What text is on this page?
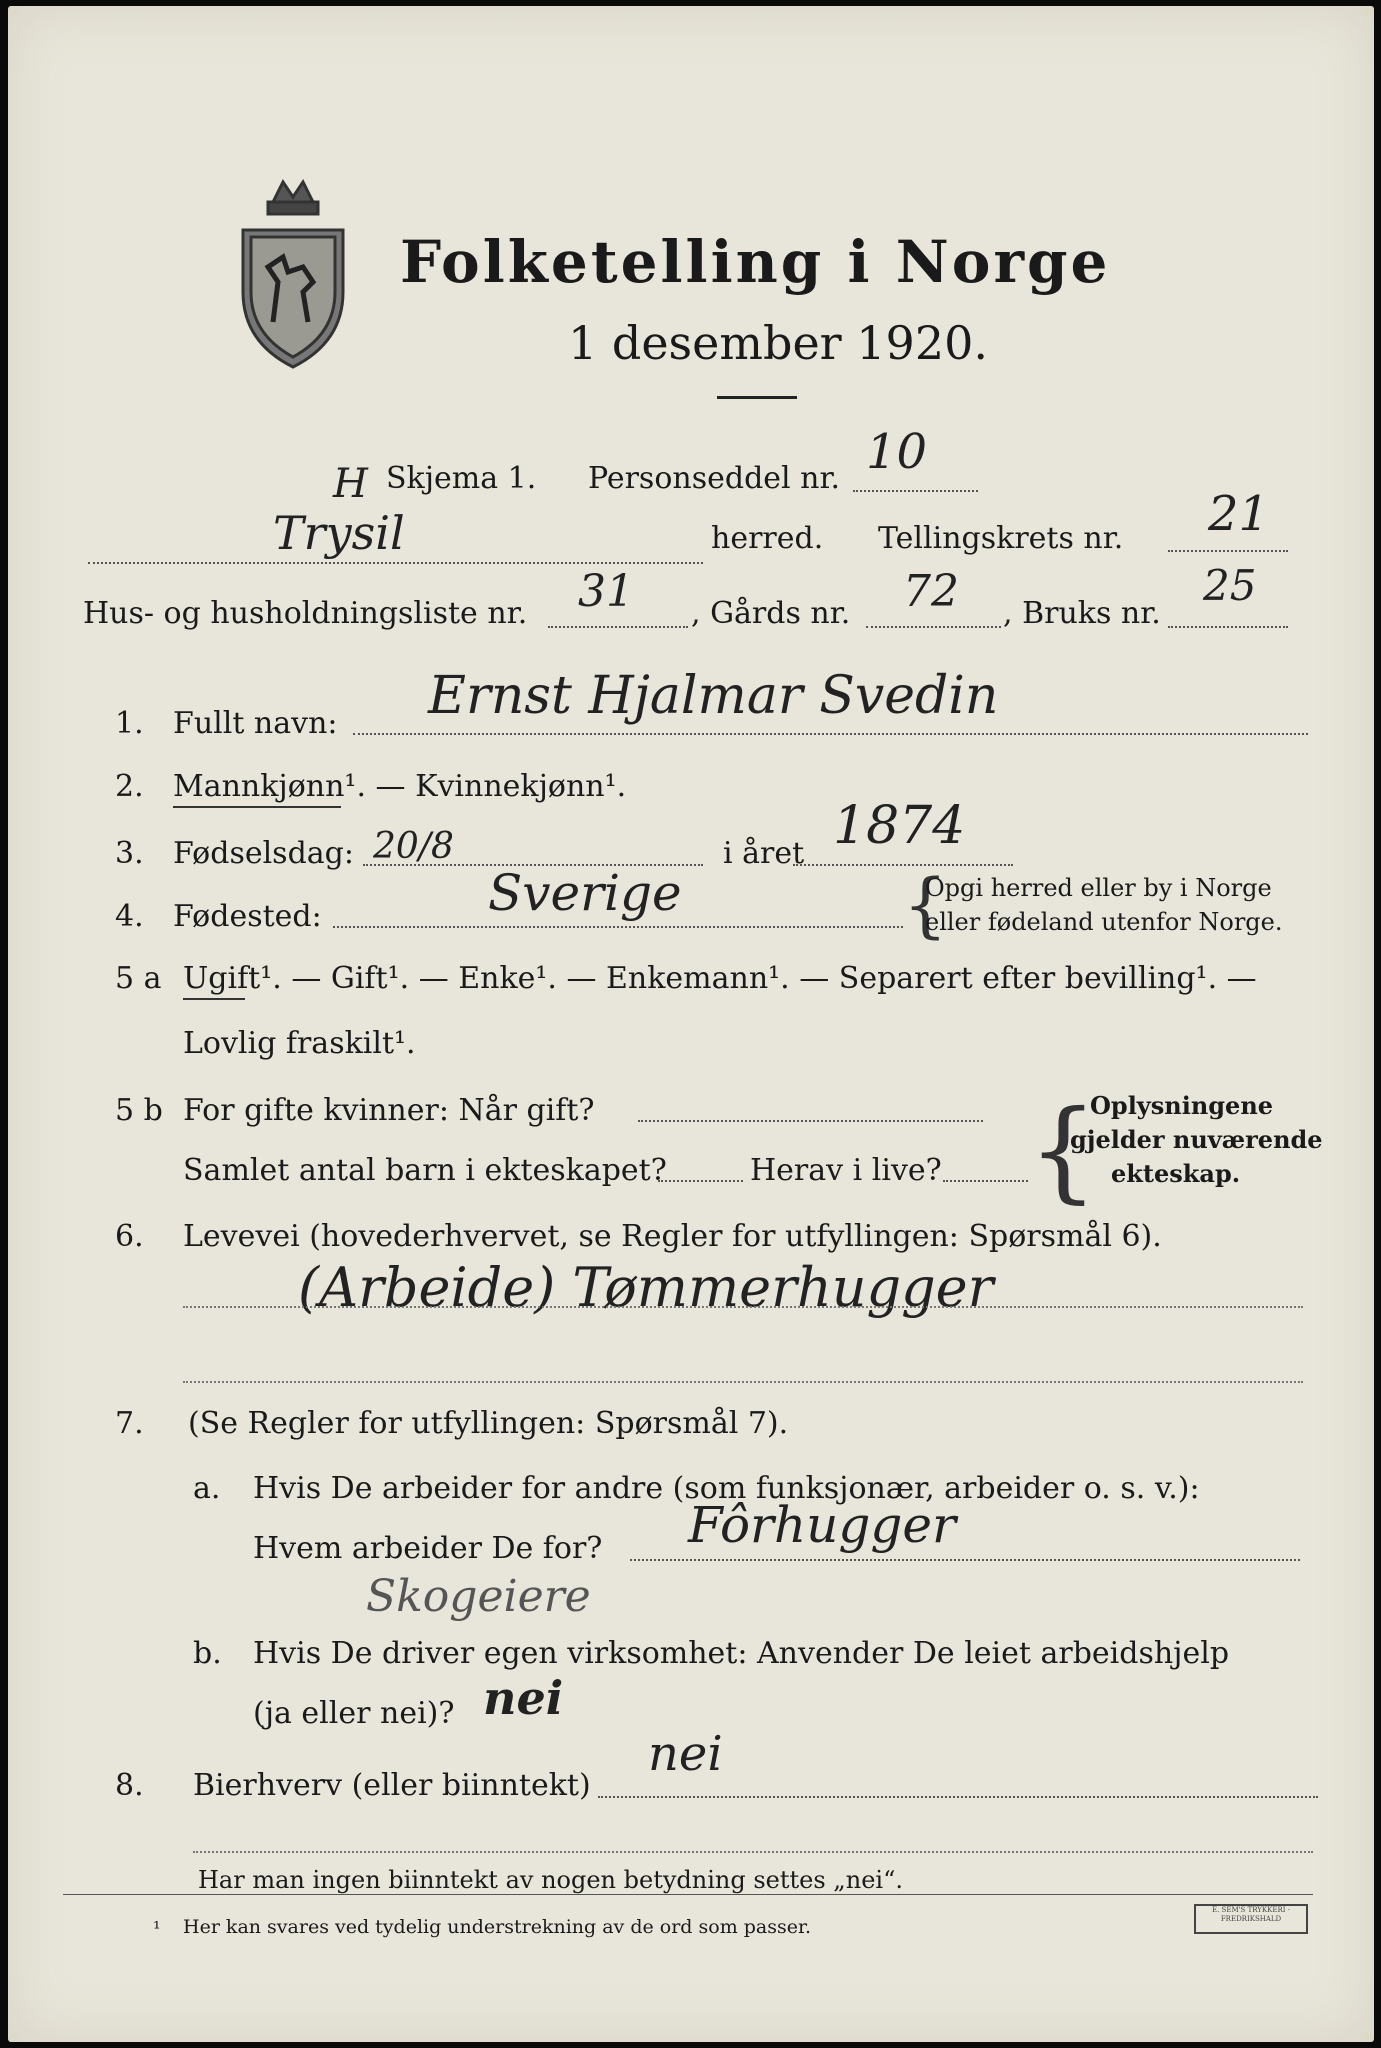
Folketelling i Norge
1 desember 1920.
H Skjema 1. Personseddel nr. 10
Trysil	herred. Tellingskrets nr. 21
Hus- og husholdningsliste nr. 31 , Gårds nr. 72 , Bruks nr.
25
1. Fullt navn: Ernst Hjalmar Svedin
2. Mannkjønn¹. — Kvinnekjønn¹.
3. Fødselsdag: 20/8	i året 1874
4. Fødested:	Sverige	{
Opgi herred eller by i Norge
eller fødeland utenfor Norge.
5 a Ugift¹. — Gift¹. — Enke¹. — Enkemann¹. — Separert efter bevilling¹. —
Lovlig fraskilt¹.
5 b For gifte kvinner: Når gift?
Samlet antal barn i ekteskapet?	Herav i live? {
Oplysningene
gjelder nuværende
ekteskap.
6. Levevei (hovederhvervet, se Regler for utfyllingen: Spørsmål 6).
(Arbeide) Tømmerhugger
7. (Se Regler for utfyllingen: Spørsmål 7).
a. Hvis De arbeider for andre (som funksjonær, arbeider o. s. v.):
Hvem arbeider De for? Fôrhugger
Skogeiere
b. Hvis De driver egen virksomhet: Anvender De leiet arbeidshjelp
(ja eller nei)? nei
8. Bierhverv (eller biinntekt)
nei
Har man ingen biinntekt av nogen betydning settes „nei“.
¹ Her kan svares ved tydelig understrekning av de ord som passer.
E. SEM'S TRYKKERI · FREDRIKSHALD
